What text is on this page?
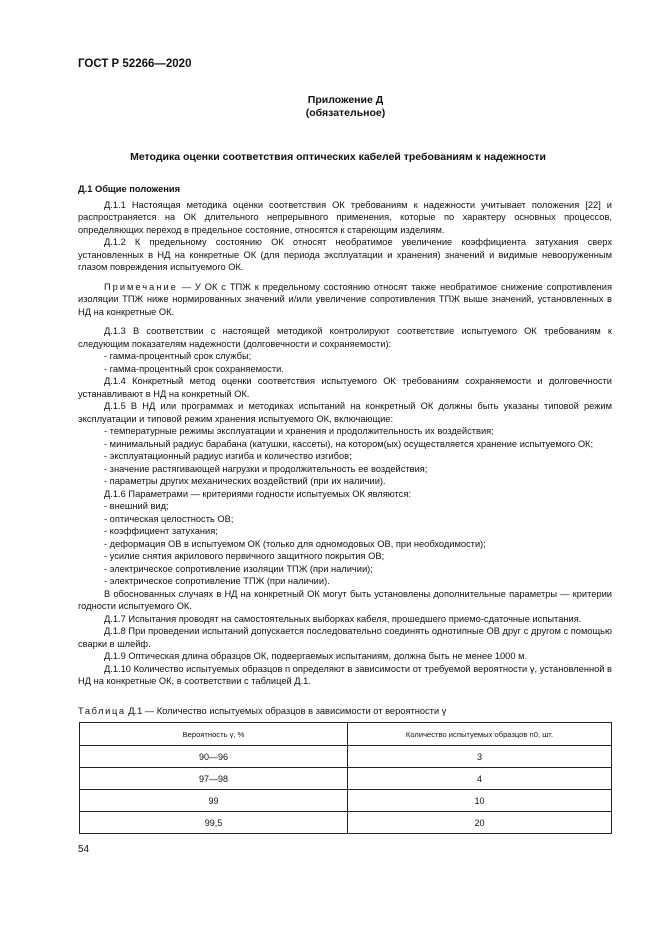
ГОСТ Р 52266—2020
Приложение Д
(обязательное)
Методика оценки соответствия оптических кабелей требованиям к надежности
Д.1 Общие положения

Д.1.1 Настоящая методика оценки соответствия ОК требованиям к надежности учитывает положения [22] и распространяется на ОК длительного непрерывного применения, которые по характеру основных процессов, определяющих переход в предельное состояние, относятся к стареющим изделиям.

Д.1.2 К предельному состоянию ОК относят необратимое увеличение коэффициента затухания сверх установленных в НД на конкретные ОК (для периода эксплуатации и хранения) значений и видимые невооруженным глазом повреждения испытуемого ОК.

Примечание — У ОК с ТПЖ к предельному состоянию относят также необратимое снижение сопротивления изоляции ТПЖ ниже нормированных значений и/или увеличение сопротивления ТПЖ выше значений, установленных в НД на конкретные ОК.

Д.1.3 В соответствии с настоящей методикой контролируют соответствие испытуемого ОК требованиям к следующим показателям надежности (долговечности и сохраняемости):

- гамма-процентный срок службы;

- гамма-процентный срок сохраняемости.

Д.1.4 Конкретный метод оценки соответствия испытуемого ОК требованиям сохраняемости и долговечности устанавливают в НД на конкретный ОК.

Д.1.5 В НД или программах и методиках испытаний на конкретный ОК должны быть указаны типовой режим эксплуатации и типовой режим хранения испытуемого ОК, включающие:

- температурные режимы эксплуатации и хранения и продолжительность их воздействия;

- минимальный радиус барабана (катушки, кассеты), на котором(ых) осуществляется хранение испытуемого ОК;

- эксплуатационный радиус изгиба и количество изгибов;

- значение растягивающей нагрузки и продолжительность ее воздействия;

- параметры других механических воздействий (при их наличии).

Д.1.6 Параметрами — критериями годности испытуемых ОК являются:

- внешний вид;

- оптическая целостность ОВ;

- коэффициент затухания;

- деформация ОВ в испытуемом ОК (только для одномодовых ОВ, при необходимости);

- усилие снятия акрилового первичного защитного покрытия ОВ;

- электрическое сопротивление изоляции ТПЖ (при наличии);

- электрическое сопротивление ТПЖ (при наличии).

В обоснованных случаях в НД на конкретный ОК могут быть установлены дополнительные параметры — критерии годности испытуемого ОК.

Д.1.7 Испытания проводят на самостоятельных выборках кабеля, прошедшего приемо-сдаточные испытания.

Д.1.8 При проведении испытаний допускается последовательно соединять однотипные ОВ друг с другом с помощью сварки в шлейф.

Д.1.9 Оптическая длина образцов ОК, подвергаемых испытаниям, должна быть не менее 1000 м.

Д.1.10 Количество испытуемых образцов n определяют в зависимости от требуемой вероятности γ, установленной в НД на конкретные ОК, в соответствии с таблицей Д.1.

Таблица Д.1 — Количество испытуемых образцов в зависимости от вероятности γ
Вероятность γ, %	Количество испытуемых образцов n0, шт.
90—96	3
97—98	4
99	10
99,5	20
54
